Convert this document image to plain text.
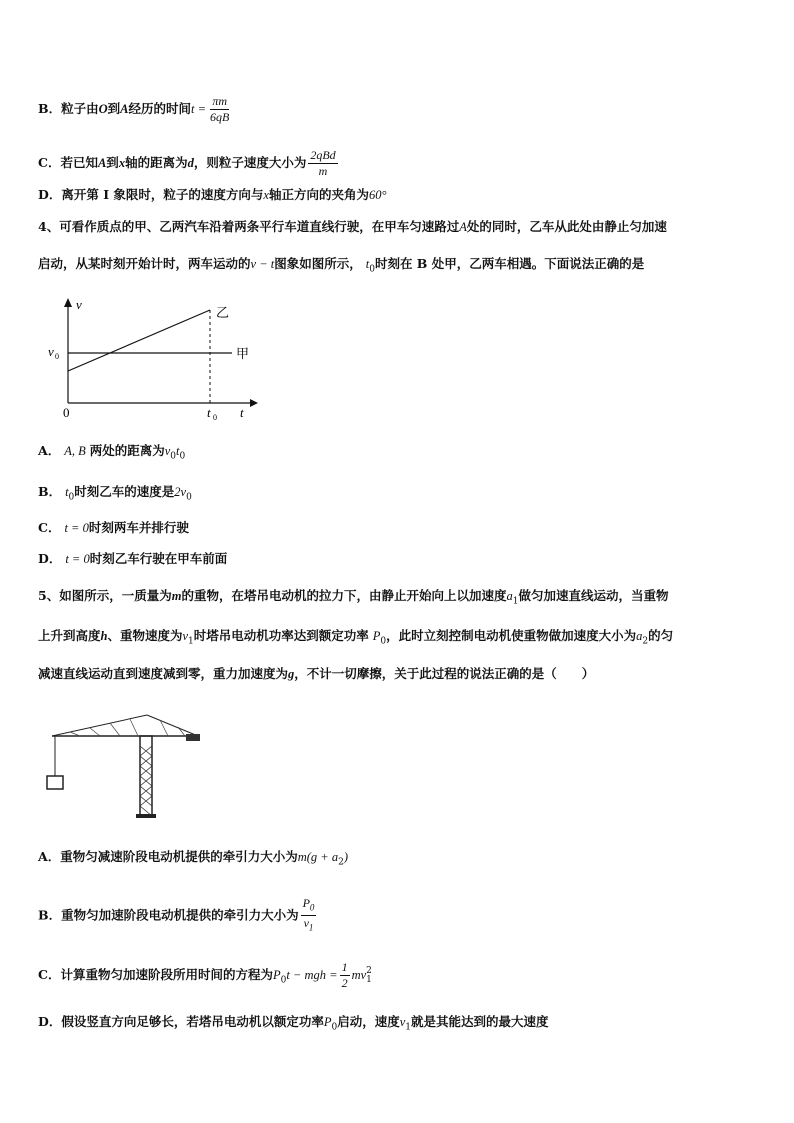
B．粒子由O到A经历的时间$t = \frac{\pi m}{6qB}$
C．若已知A到x轴的距离为d，则粒子速度大小为 $\frac{\text{2qBd}}{m}$
D．离开第 I 象限时，粒子的速度方向与x轴正方向的夹角为60°
4、可看作质点的甲、乙两汽车沿着两条平行车道直线行驶，在甲车匀速路过A处的同时，乙车从此处由静止匀加速
启动，从某时刻开始计时，两车运动的v − t图象如图所示， $t_0$时刻在 B 处甲，乙两车相遇。下面说法正确的是
v
t
0
v 0
t 0
乙
甲
A． A, B 两处的距离为$v_0t_0$
B． $t_0$时刻乙车的速度是$2v_0$
C． t = 0时刻两车并排行驶
D． t = 0时刻乙车行驶在甲车前面
5、如图所示，一质量为m的重物，在塔吊电动机的拉力下，由静止开始向上以加速度$a_1$做匀加速直线运动，当重物
上升到高度h、重物速度为$v_1$时塔吊电动机功率达到额定功率 $P_0$，此时立刻控制电动机使重物做加速度大小为$a_2$的匀
减速直线运动直到速度减到零，重力加速度为g，不计一切摩擦，关于此过程的说法正确的是（　　）
A．重物匀减速阶段电动机提供的牵引力大小为$m(g + a_2)$
B．重物匀加速阶段电动机提供的牵引力大小为 $\frac{P_0}{v_1}$
C．计算重物匀加速阶段所用时间的方程为$P_0t$ − mgh = $\frac{1}{2}$ mv 2
1
D．假设竖直方向足够长，若塔吊电动机以额定功率$P_0$启动，速度$v_1$就是其能达到的最大速度
